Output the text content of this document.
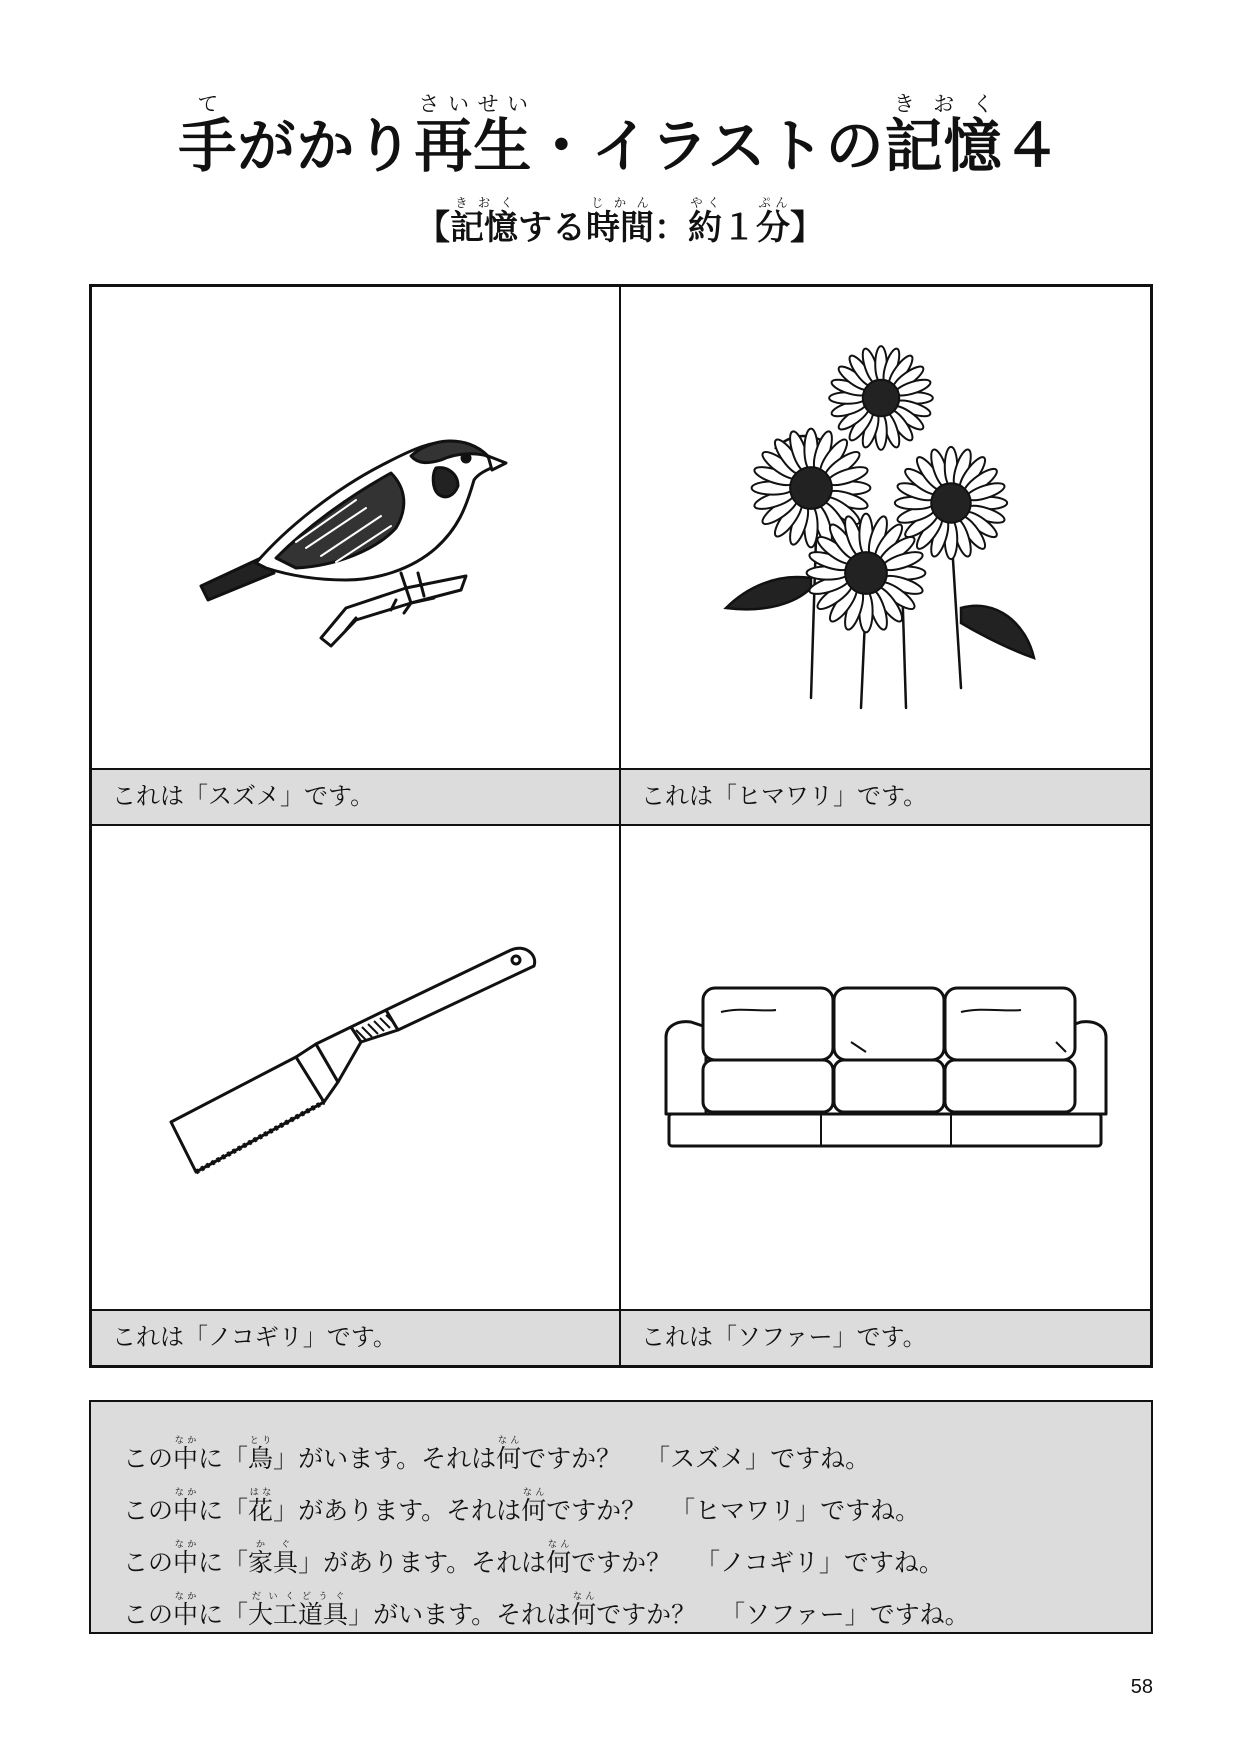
手てがかり再生さいせい・イラストの記憶きおく４
【記憶きおくする時間じかん：約やく１分ぷん】
これは「スズメ」です。	これは「ヒマワリ」です。
これは「ノコギリ」です。	これは「ソファー」です。
この中なかに「鳥とり」がいます。それは何なんですか？ 「スズメ」ですね。
この中なかに「花はな」があります。それは何なんですか？ 「ヒマワリ」ですね。
この中なかに「家具かぐ」があります。それは何なんですか？ 「ノコギリ」ですね。
この中なかに「大工道具だいくどうぐ」がいます。それは何なんですか？ 「ソファー」ですね。
58
